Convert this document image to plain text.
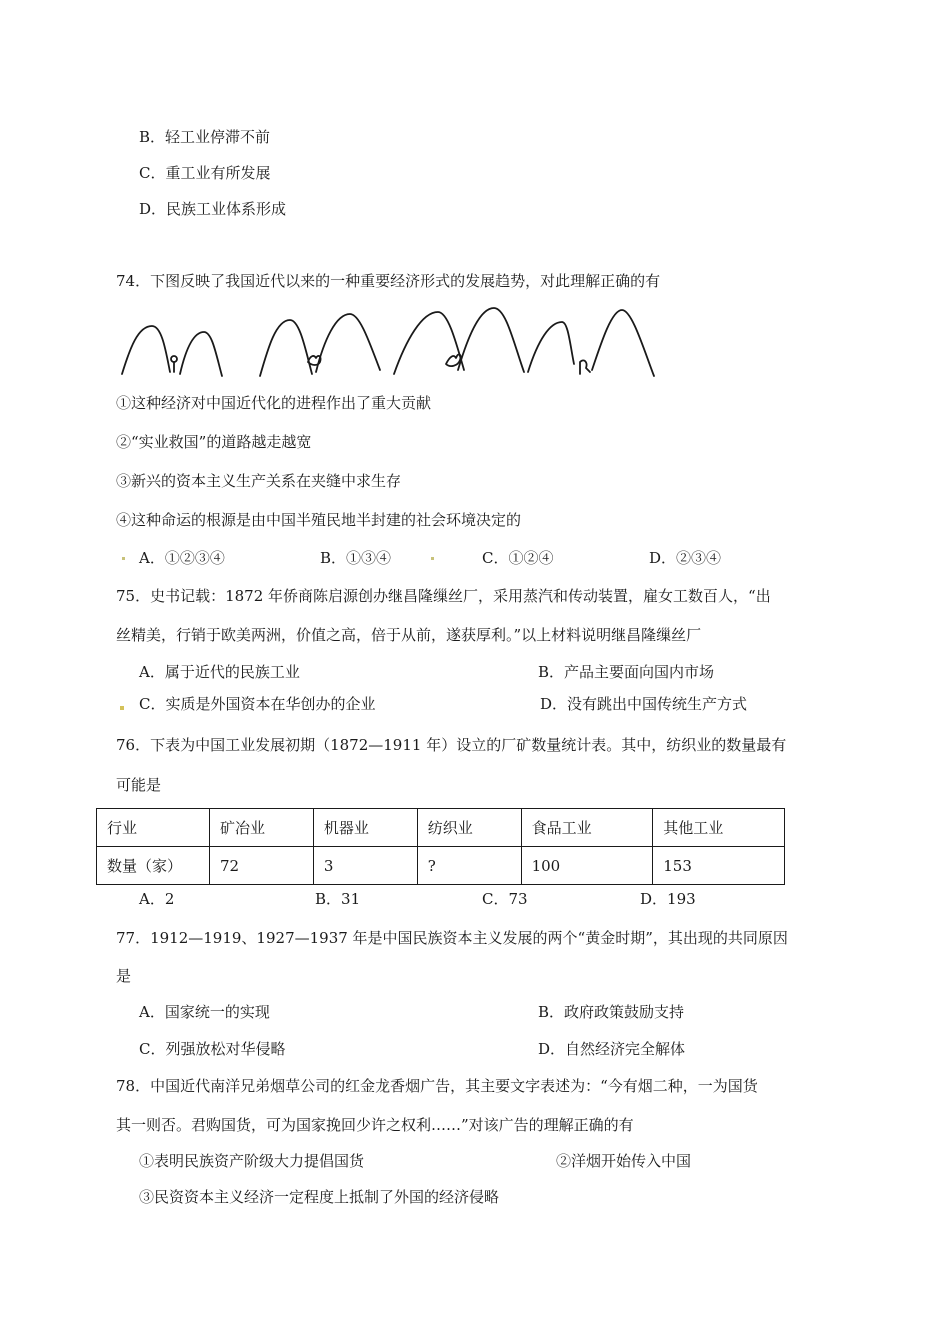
B．轻工业停滞不前
C．重工业有所发展
D．民族工业体系形成
74．下图反映了我国近代以来的一种重要经济形式的发展趋势，对此理解正确的有
①这种经济对中国近代化的进程作出了重大贡献
②“实业救国”的道路越走越宽
③新兴的资本主义生产关系在夹缝中求生存
④这种命运的根源是由中国半殖民地半封建的社会环境决定的
A．①②③④	B．①③④	C．①②④	D．②③④
75．史书记载：1872 年侨商陈启源创办继昌隆缫丝厂，采用蒸汽和传动装置，雇女工数百人，“出
丝精美，行销于欧美两洲，价值之高，倍于从前，遂获厚利。”以上材料说明继昌隆缫丝厂
A．属于近代的民族工业	B．产品主要面向国内市场
C．实质是外国资本在华创办的企业	D．没有跳出中国传统生产方式
76．下表为中国工业发展初期（1872—1911 年）设立的厂矿数量统计表。其中，纺织业的数量最有
可能是
行业	矿冶业	机器业	纺织业	食品工业	其他工业
数量（家）	72	3	?	100	153
A．2	B．31	C．73	D．193
77．1912—1919、1927—1937 年是中国民族资本主义发展的两个“黄金时期”，其出现的共同原因
是
A．国家统一的实现	B．政府政策鼓励支持
C．列强放松对华侵略	D．自然经济完全解体
78．中国近代南洋兄弟烟草公司的红金龙香烟广告，其主要文字表述为：“今有烟二种，一为国货
其一则否。君购国货，可为国家挽回少许之权利……”对该广告的理解正确的有
①表明民族资产阶级大力提倡国货	②洋烟开始传入中国
③民资资本主义经济一定程度上抵制了外国的经济侵略
